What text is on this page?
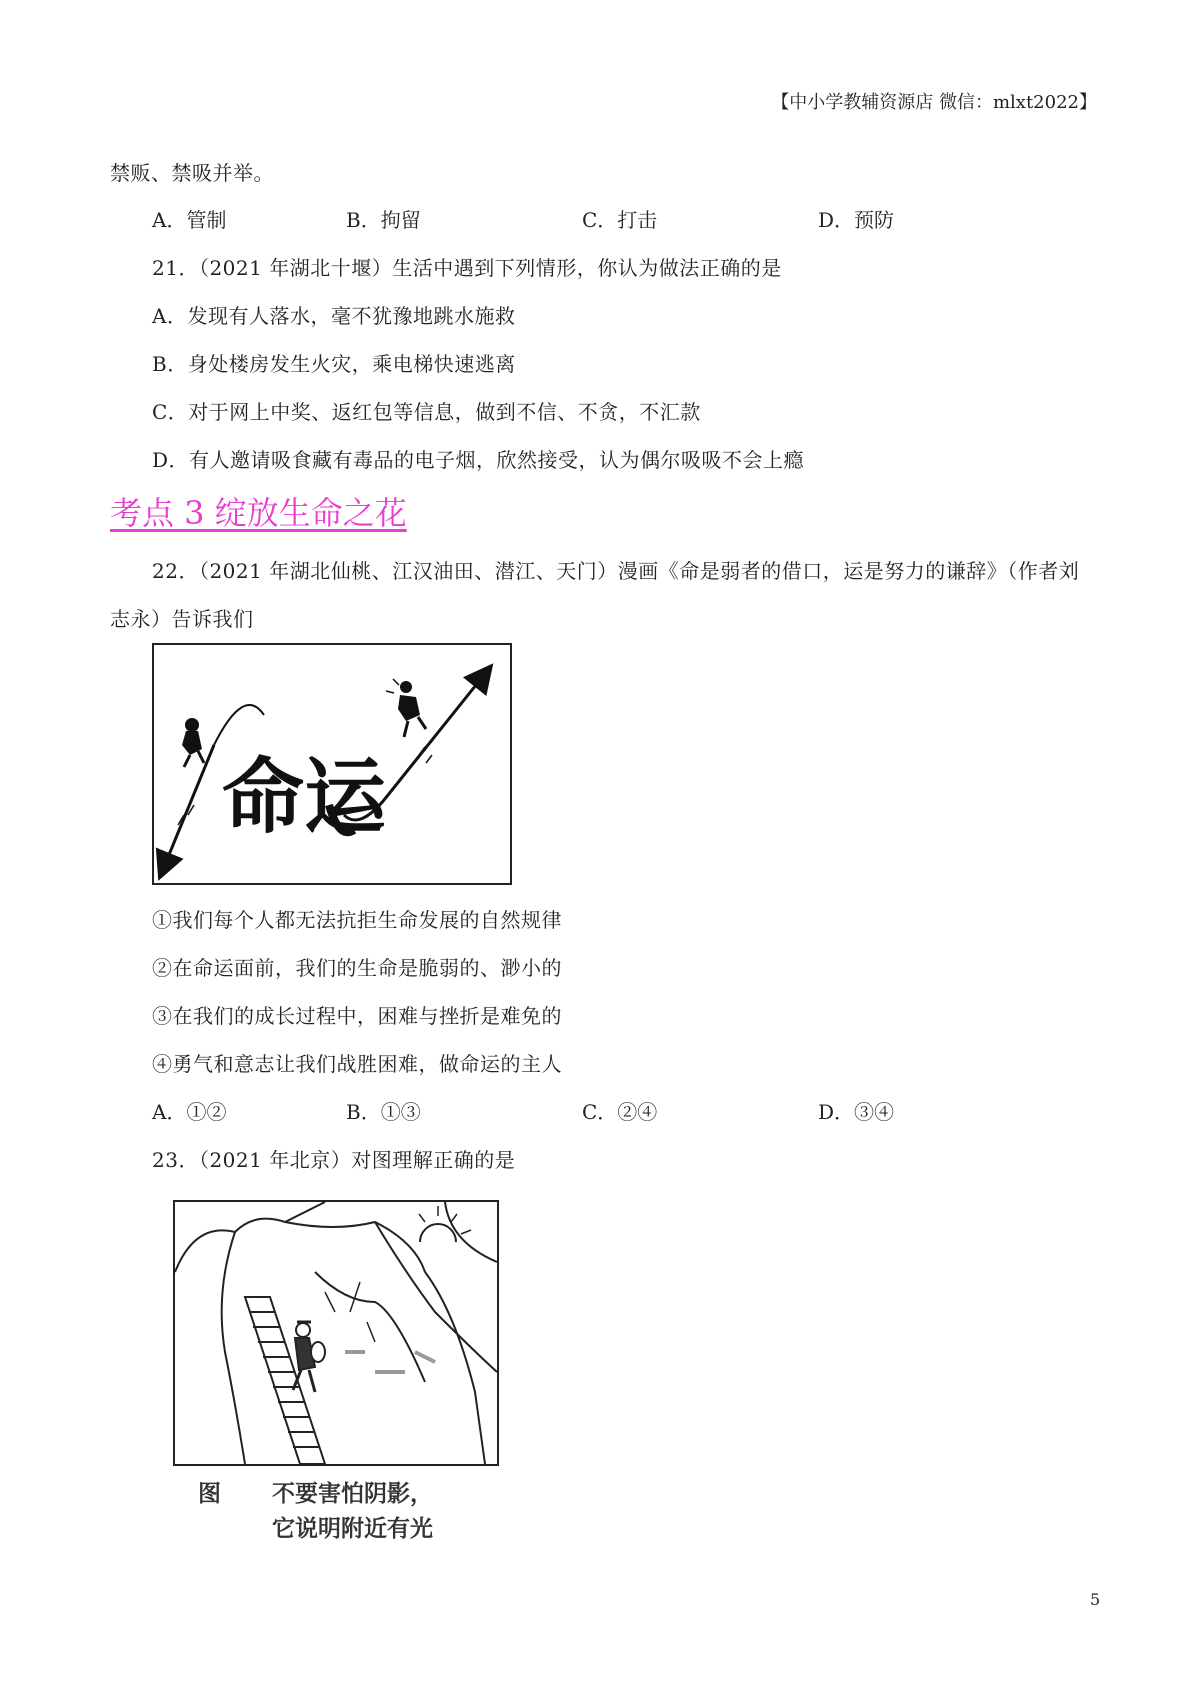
【中小学教辅资源店 微信：mlxt2022】
禁贩、禁吸并举。
A．管制	B．拘留	C．打击	D．预防
21．（2021 年湖北十堰）生活中遇到下列情形，你认为做法正确的是
A．发现有人落水，毫不犹豫地跳水施救
B．身处楼房发生火灾，乘电梯快速逃离
C．对于网上中奖、返红包等信息，做到不信、不贪，不汇款
D．有人邀请吸食藏有毒品的电子烟，欣然接受，认为偶尔吸吸不会上瘾
考点 3 绽放生命之花
22．（2021 年湖北仙桃、江汉油田、潜江、天门）漫画《命是弱者的借口，运是努力的谦辞》（作者刘
志永）告诉我们
命运
①我们每个人都无法抗拒生命发展的自然规律
②在命运面前，我们的生命是脆弱的、渺小的
③在我们的成长过程中，困难与挫折是难免的
④勇气和意志让我们战胜困难，做命运的主人
A．①②	B．①③	C．②④	D．③④
23．（2021 年北京）对图理解正确的是
图 不要害怕阴影，
它说明附近有光
5
